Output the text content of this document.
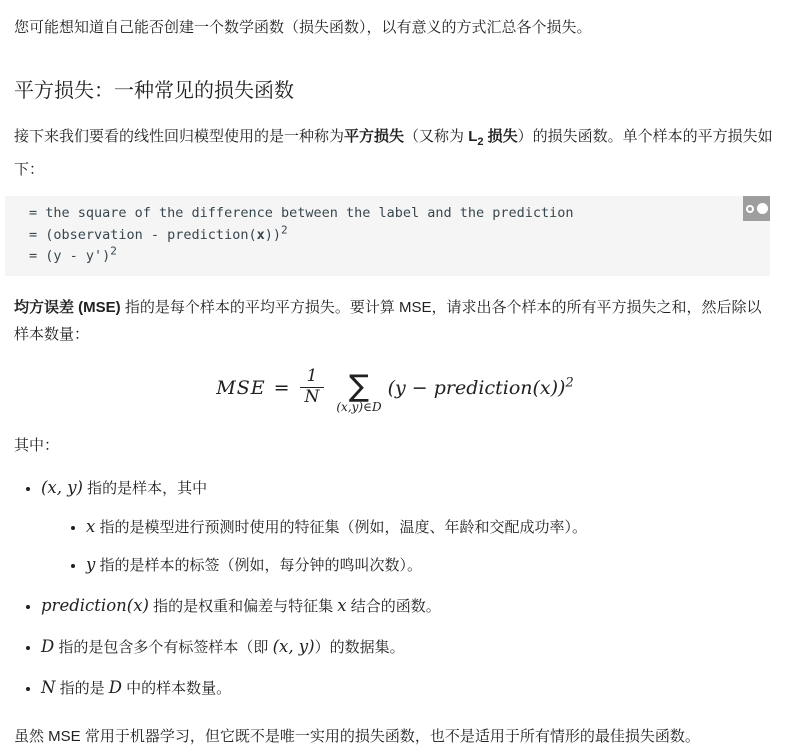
您可能想知道自己能否创建一个数学函数（损失函数），以有意义的方式汇总各个损失。

平方损失：一种常见的损失函数

接下来我们要看的线性回归模型使用的是一种称为平方损失（又称为 $L_2$ 损失）的损失函数。单个样本的平方损失如下：

= the square of the difference between the label and the prediction
= (observation - prediction(x))$^2$
= (y - y')$^2$

均方误差 (MSE) 指的是每个样本的平均平方损失。要计算 MSE，请求出各个样本的所有平方损失之和，然后除以样本数量：

MSE = $\frac{1}{N}$ ∑
(x,y)∈D
(y − prediction(x))$^2$

其中：

• (x, y) 指的是样本，其中
• x 指的是模型进行预测时使用的特征集（例如，温度、年龄和交配成功率）。
• y 指的是样本的标签（例如，每分钟的鸣叫次数）。
• prediction(x) 指的是权重和偏差与特征集 x 结合的函数。
• D 指的是包含多个有标签样本（即 (x, y)）的数据集。
• N 指的是 D 中的样本数量。

虽然 MSE 常用于机器学习，但它既不是唯一实用的损失函数，也不是适用于所有情形的最佳损失函数。
